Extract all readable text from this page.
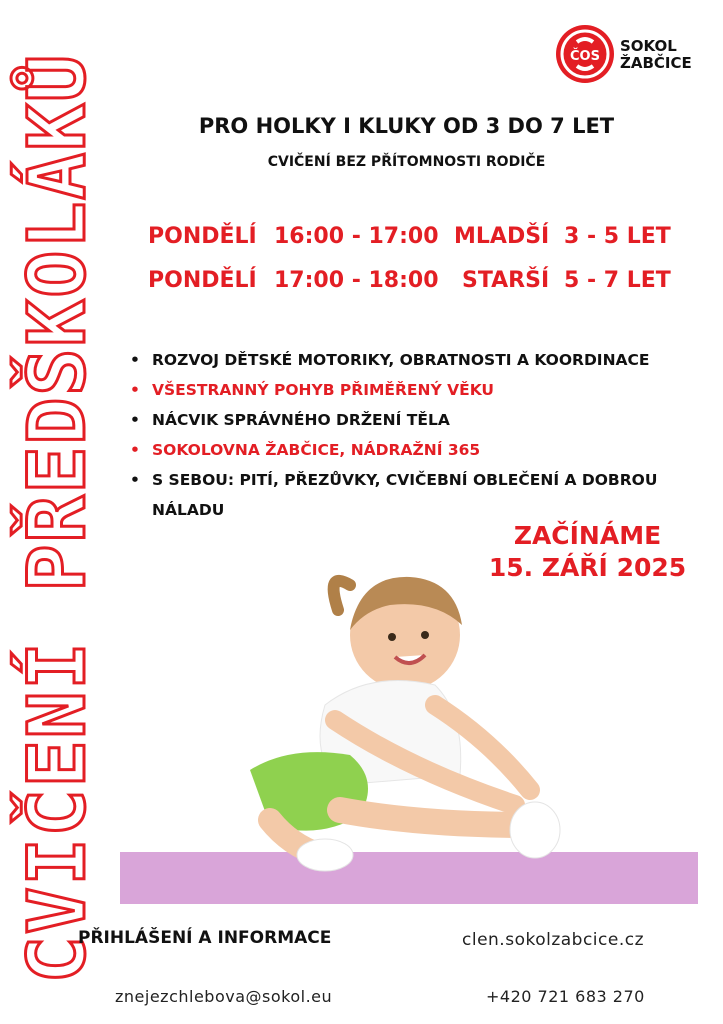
CVIČENÍ PŘEDŠKOLÁKŮ	ČOS
SOKOL
ŽABČICE
PRO HOLKY I KLUKY OD 3 DO 7 LET
CVIČENÍ BEZ PŘÍTOMNOSTI RODIČE
PONDĚLÍ 16:00 - 17:00 MLADŠÍ 3 - 5 LET
PONDĚLÍ 17:00 - 18:00 STARŠÍ 5 - 7 LET
• ROZVOJ DĚTSKÉ MOTORIKY, OBRATNOSTI A KOORDINACE
• VŠESTRANNÝ POHYB PŘIMĚŘENÝ VĚKU
• NÁCVIK SPRÁVNÉHO DRŽENÍ TĚLA
• SOKOLOVNA ŽABČICE, NÁDRAŽNÍ 365
• S SEBOU: PITÍ, PŘEZŮVKY, CVIČEBNÍ OBLEČENÍ A DOBROU NÁLADU
ZAČÍNÁME
15. ZÁŘÍ 2025
PŘIHLÁŠENÍ A INFORMACE	clen.sokolzabcice.cz
znejezchlebova@sokol.eu	+420 721 683 270
